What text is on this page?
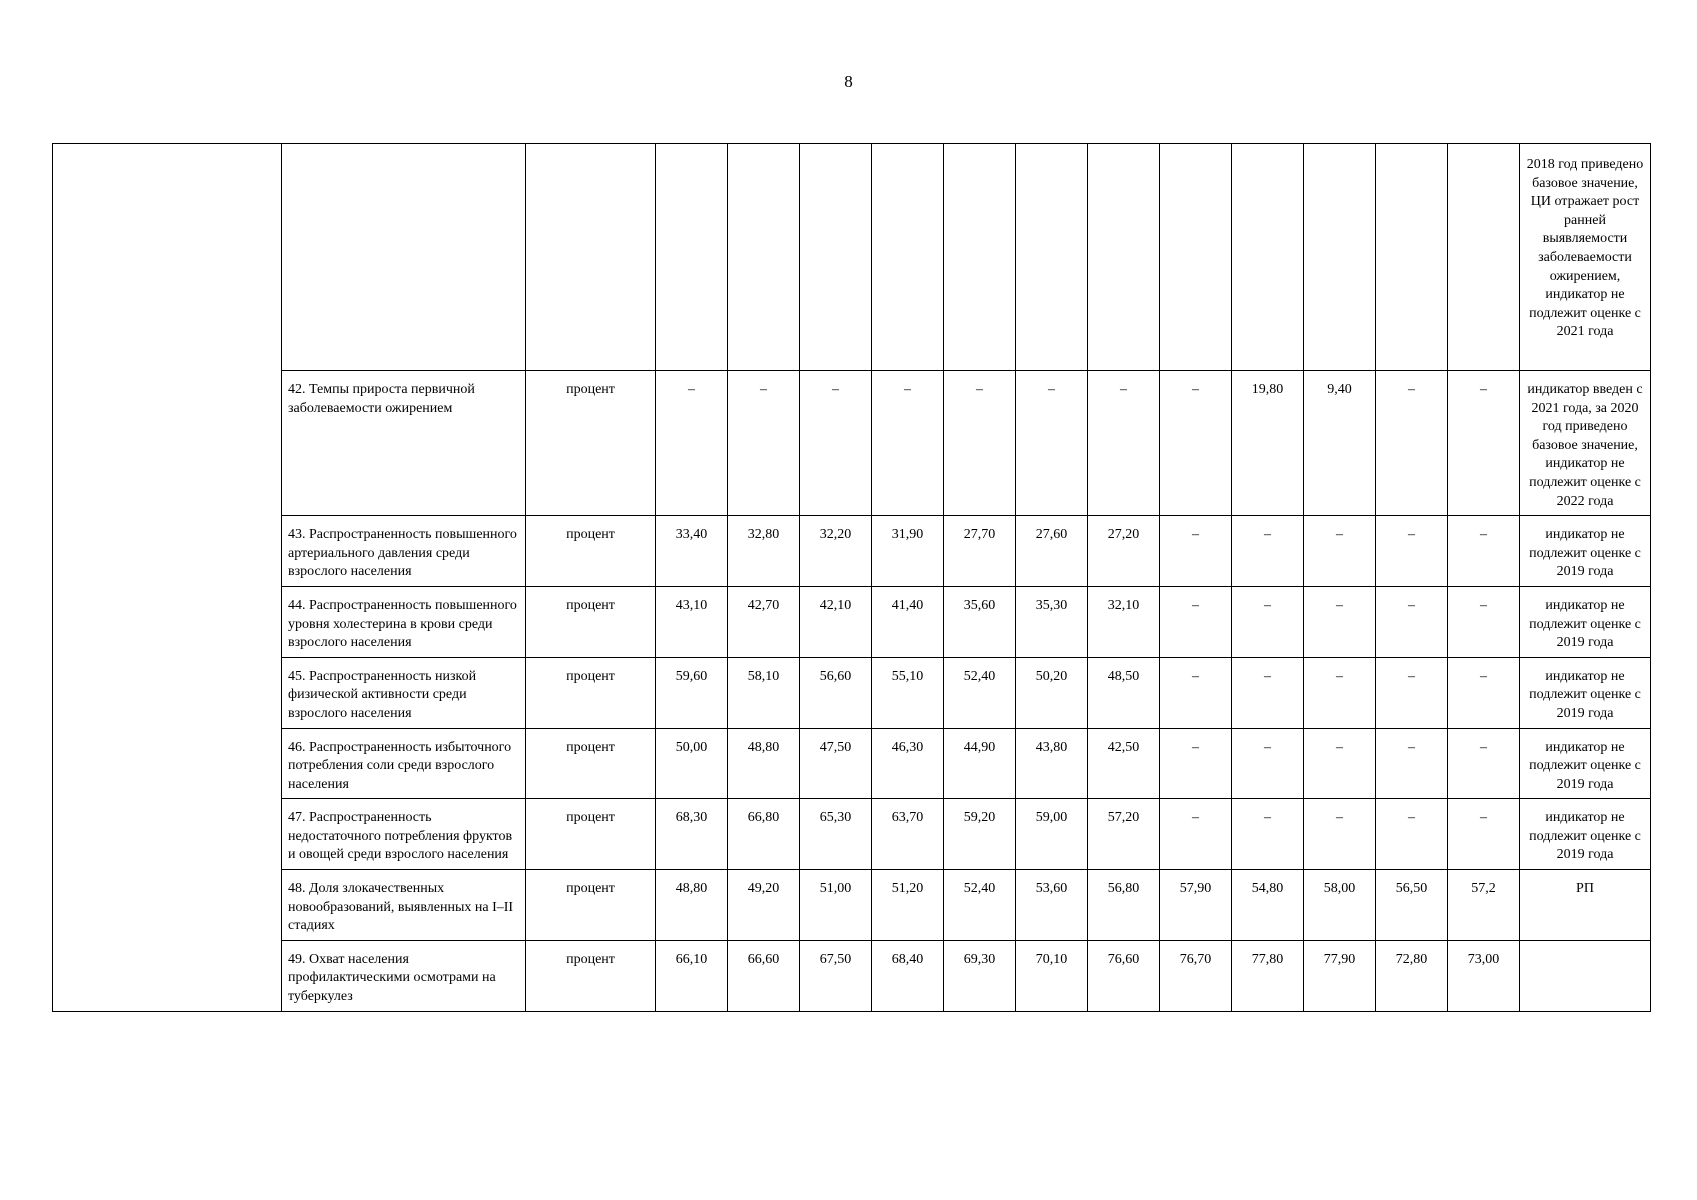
8
															2018 год приведено базовое значение, ЦИ отражает рост ранней выявляемости заболеваемости ожирением, индикатор не подлежит оценке с 2021 года
	42. Темпы прироста первичной заболеваемости ожирением	процент	–	–	–	–	–	–	–	–	19,80	9,40	–	–	индикатор введен с 2021 года, за 2020 год приведено базовое значение, индикатор не подлежит оценке с 2022 года
	43. Распространенность повышенного артериального давления среди взрослого населения	процент	33,40	32,80	32,20	31,90	27,70	27,60	27,20	–	–	–	–	–	индикатор не подлежит оценке с 2019 года
	44. Распространенность повышенного уровня холестерина в крови среди взрослого населения	процент	43,10	42,70	42,10	41,40	35,60	35,30	32,10	–	–	–	–	–	индикатор не подлежит оценке с 2019 года
	45. Распространенность низкой физической активности среди взрослого населения	процент	59,60	58,10	56,60	55,10	52,40	50,20	48,50	–	–	–	–	–	индикатор не подлежит оценке с 2019 года
	46. Распространенность избыточного потребления соли среди взрослого населения	процент	50,00	48,80	47,50	46,30	44,90	43,80	42,50	–	–	–	–	–	индикатор не подлежит оценке с 2019 года
	47. Распространенность недостаточного потребления фруктов и овощей среди взрослого населения	процент	68,30	66,80	65,30	63,70	59,20	59,00	57,20	–	–	–	–	–	индикатор не подлежит оценке с 2019 года
	48. Доля злокачественных новообразований, выявленных на I–II стадиях	процент	48,80	49,20	51,00	51,20	52,40	53,60	56,80	57,90	54,80	58,00	56,50	57,2	РП
	49. Охват населения профилактическими осмотрами на туберкулез	процент	66,10	66,60	67,50	68,40	69,30	70,10	76,60	76,70	77,80	77,90	72,80	73,00	
